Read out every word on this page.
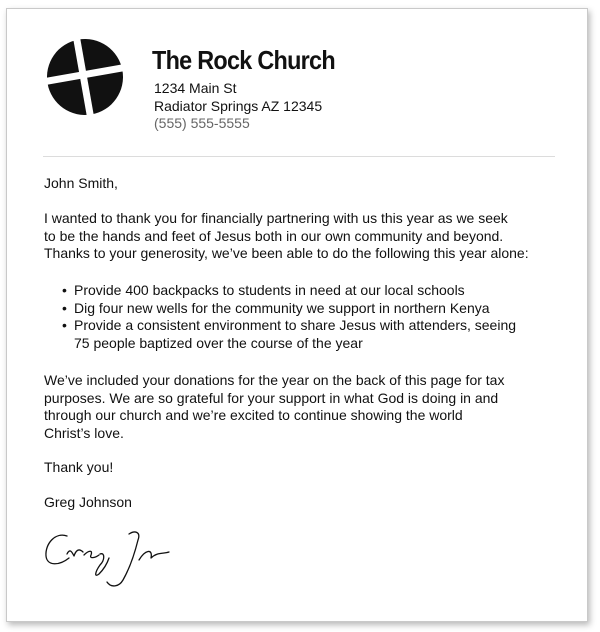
The Rock Church
1234 Main St
Radiator Springs AZ 12345
(555) 555-5555
John Smith,
I wanted to thank you for financially partnering with us this year as we seek
to be the hands and feet of Jesus both in our own community and beyond.
Thanks to your generosity, we’ve been able to do the following this year alone:
• Provide 400 backpacks to students in need at our local schools
• Dig four new wells for the community we support in northern Kenya
• Provide a consistent environment to share Jesus with attenders, seeing
75 people baptized over the course of the year
We’ve included your donations for the year on the back of this page for tax
purposes. We are so grateful for your support in what God is doing in and
through our church and we’re excited to continue showing the world
Christ’s love.
Thank you!
Greg Johnson
